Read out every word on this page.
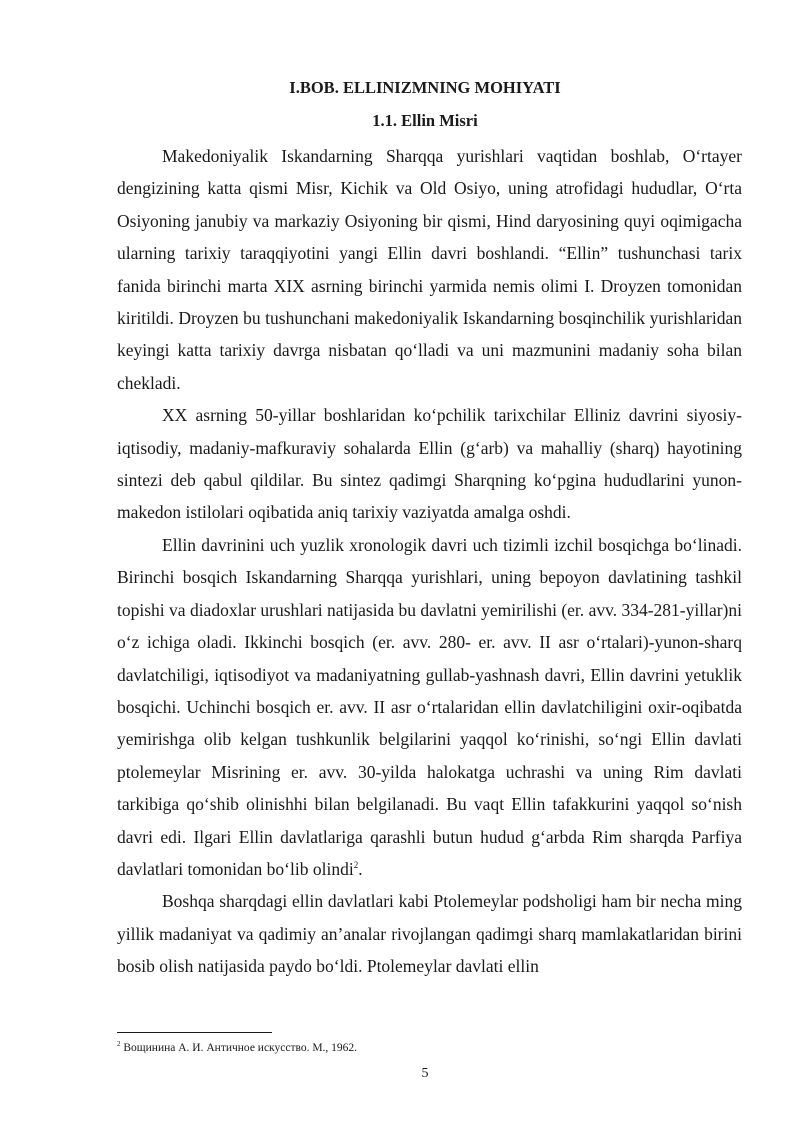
I.BOB. ELLINIZMNING MOHIYATI
1.1. Ellin Misri

Makedoniyalik Iskandarning Sharqqa yurishlari vaqtidan boshlab, O‘rtayer dengizining katta qismi Misr, Kichik va Old Osiyo, uning atrofidagi hududlar, O‘rta Osiyoning janubiy va markaziy Osiyoning bir qismi, Hind daryosining quyi oqimigacha ularning tarixiy taraqqiyotini yangi Ellin davri boshlandi. “Ellin” tushunchasi tarix fanida birinchi marta XIX asrning birinchi yarmida nemis olimi I. Droyzen tomonidan kiritildi. Droyzen bu tushunchani makedoniyalik Iskandarning bosqinchilik yurishlaridan keyingi katta tarixiy davrga nisbatan qo‘lladi va uni mazmunini madaniy soha bilan chekladi.

XX asrning 50-yillar boshlaridan ko‘pchilik tarixchilar Elliniz davrini siyosiy-iqtisodiy, madaniy-mafkuraviy sohalarda Ellin (g‘arb) va mahalliy (sharq) hayotining sintezi deb qabul qildilar. Bu sintez qadimgi Sharqning ko‘pgina hududlarini yunon-makedon istilolari oqibatida aniq tarixiy vaziyatda amalga oshdi.

Ellin davrinini uch yuzlik xronologik davri uch tizimli izchil bosqichga bo‘linadi. Birinchi bosqich Iskandarning Sharqqa yurishlari, uning bepoyon davlatining tashkil topishi va diadoxlar urushlari natijasida bu davlatni yemirilishi (er. avv. 334-281-yillar)ni o‘z ichiga oladi. Ikkinchi bosqich (er. avv. 280- er. avv. II asr o‘rtalari)-yunon-sharq davlatchiligi, iqtisodiyot va madaniyatning gullab-yashnash davri, Ellin davrini yetuklik bosqichi. Uchinchi bosqich er. avv. II asr o‘rtalaridan ellin davlatchiligini oxir-oqibatda yemirishga olib kelgan tushkunlik belgilarini yaqqol ko‘rinishi, so‘ngi Ellin davlati ptolemeylar Misrining er. avv. 30-yilda halokatga uchrashi va uning Rim davlati tarkibiga qo‘shib olinishhi bilan belgilanadi. Bu vaqt Ellin tafakkurini yaqqol so‘nish davri edi. Ilgari Ellin davlatlariga qarashli butun hudud g‘arbda Rim sharqda Parfiya davlatlari tomonidan bo‘lib olindi$^2$.

Boshqa sharqdagi ellin davlatlari kabi Ptolemeylar podsholigi ham bir necha ming yillik madaniyat va qadimiy an’analar rivojlangan qadimgi sharq mamlakatlaridan birini bosib olish natijasida paydo bo‘ldi. Ptolemeylar davlati ellin

$^2$ Вощинина А. И. Античное искусство. М., 1962.
5
